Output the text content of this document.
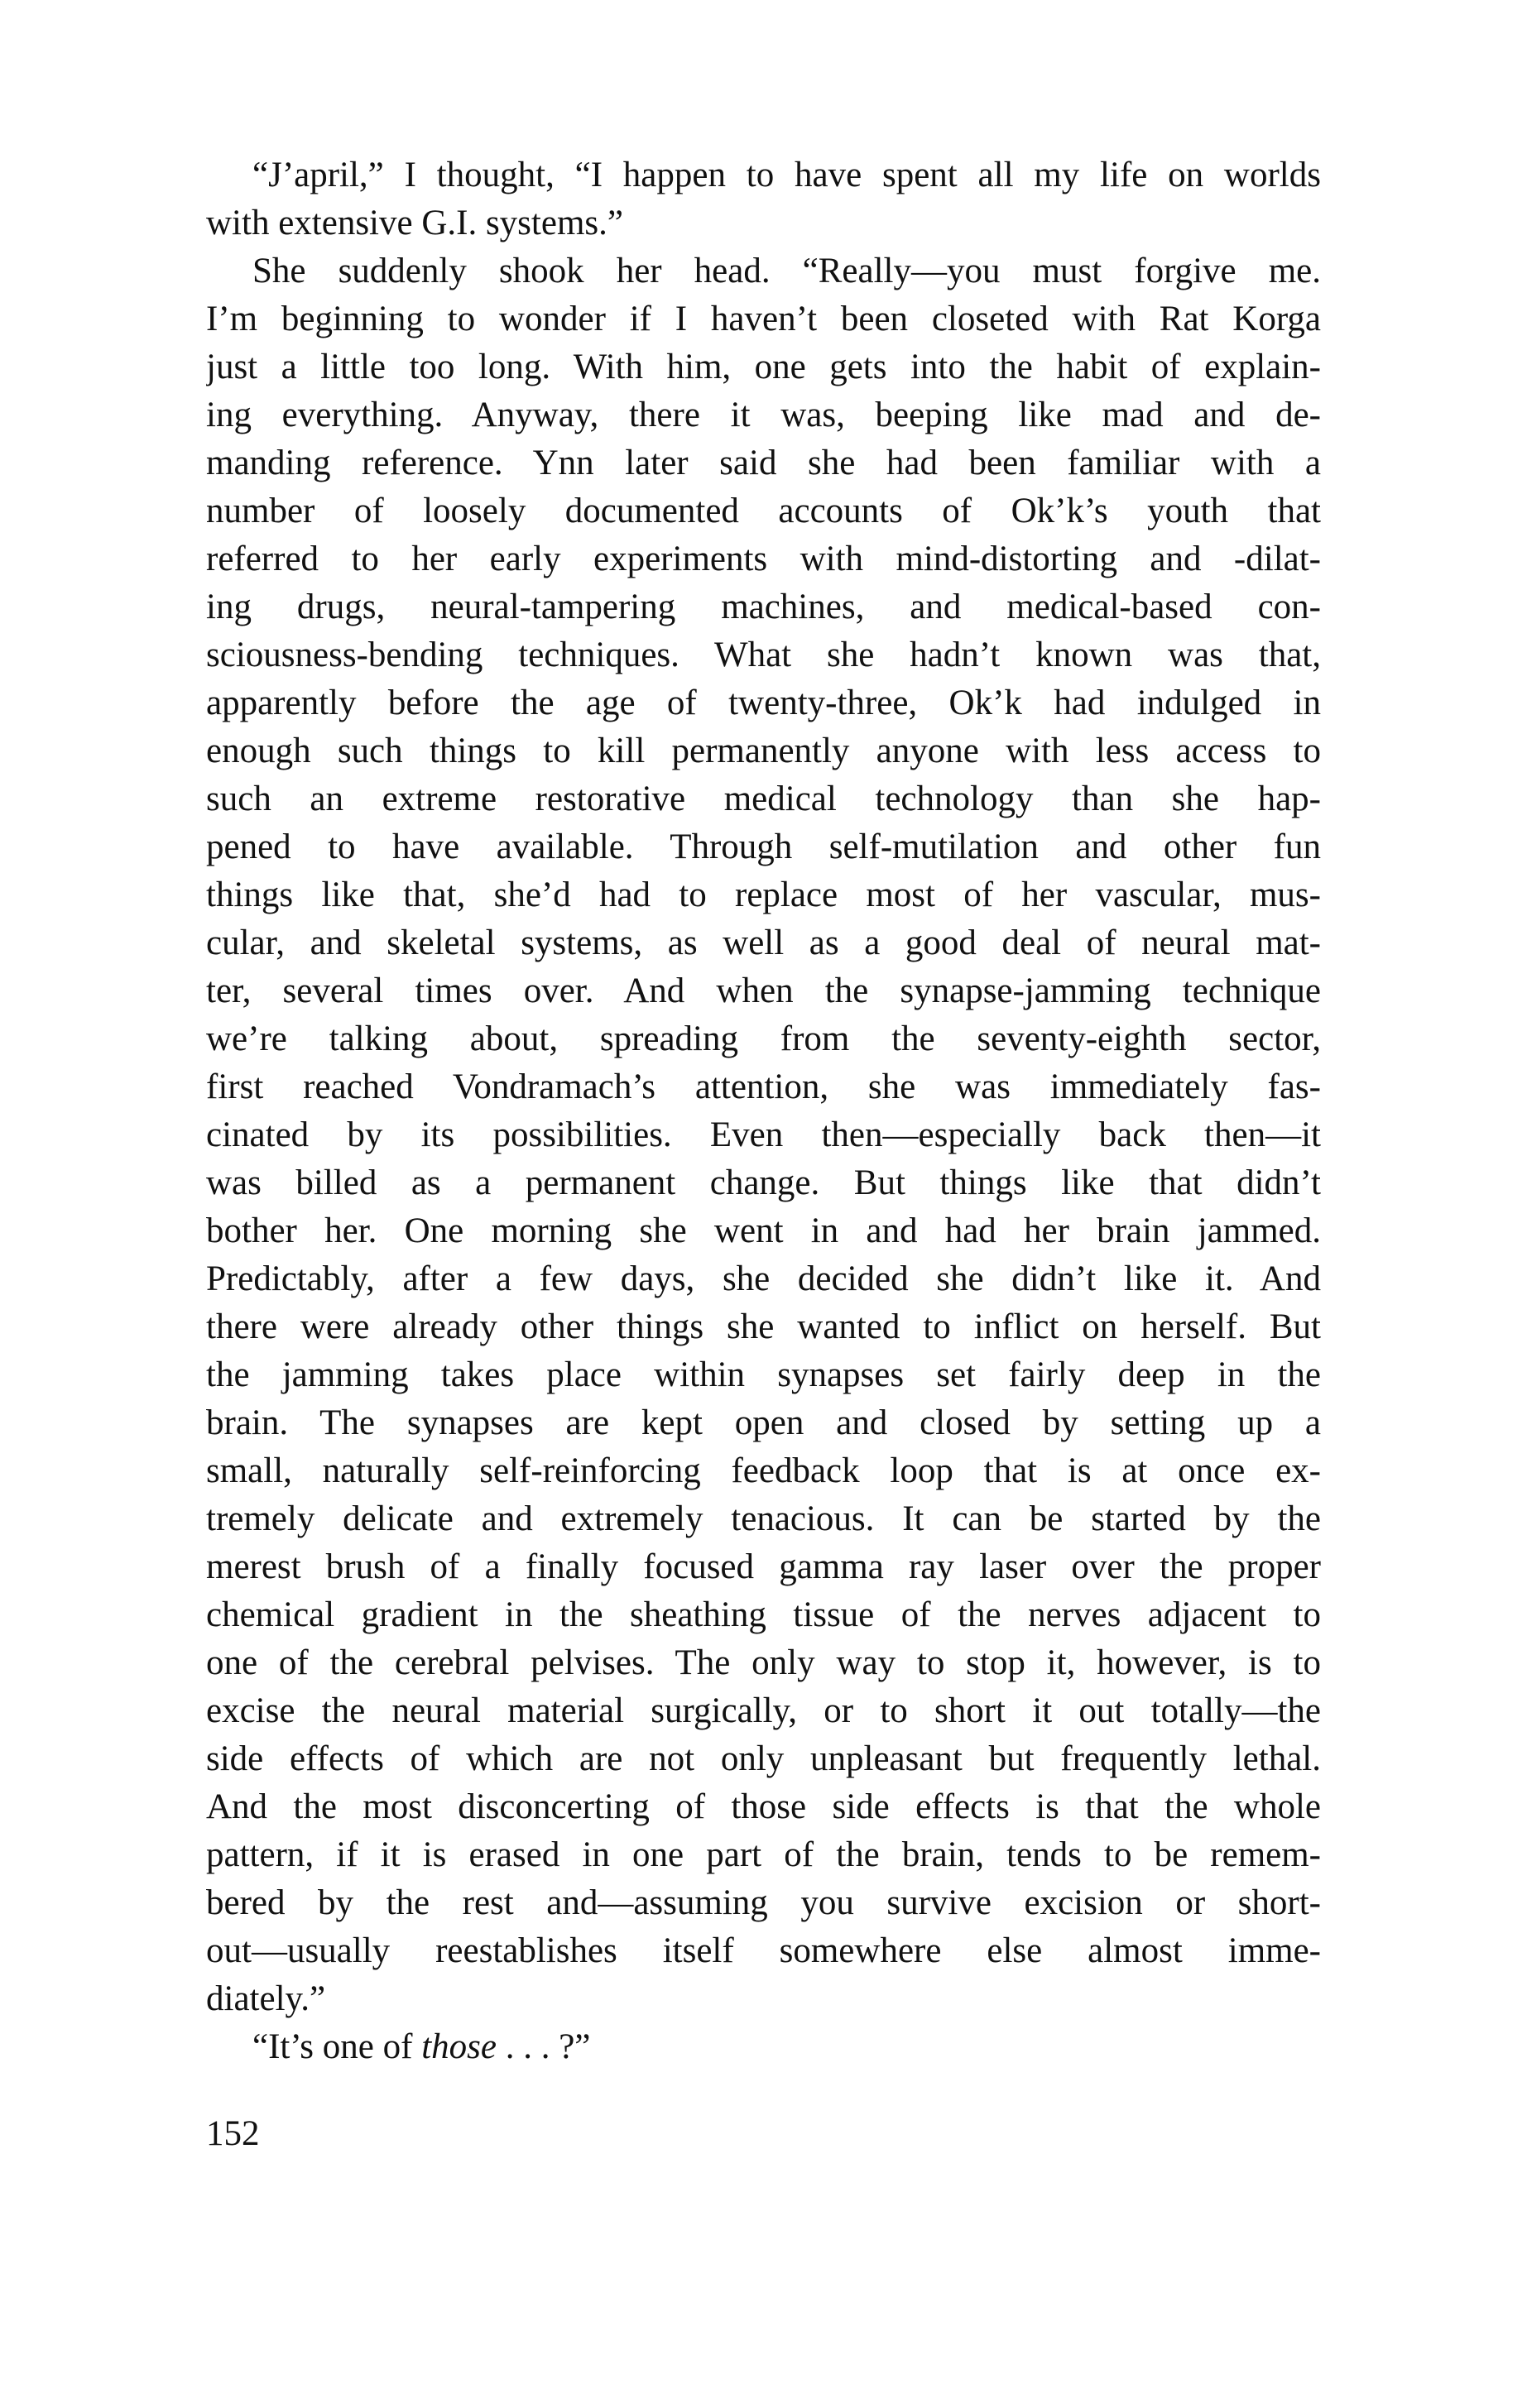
“J’april,” I thought, “I happen to have spent all my life on worlds
with extensive G.I. systems.”
She suddenly shook her head. “Really—you must forgive me.
I’m beginning to wonder if I haven’t been closeted with Rat Korga
just a little too long. With him, one gets into the habit of explain-
ing everything. Anyway, there it was, beeping like mad and de-
manding reference. Ynn later said she had been familiar with a
number of loosely documented accounts of Ok’k’s youth that
referred to her early experiments with mind-distorting and -dilat-
ing drugs, neural-tampering machines, and medical-based con-
sciousness-bending techniques. What she hadn’t known was that,
apparently before the age of twenty-three, Ok’k had indulged in
enough such things to kill permanently anyone with less access to
such an extreme restorative medical technology than she hap-
pened to have available. Through self-mutilation and other fun
things like that, she’d had to replace most of her vascular, mus-
cular, and skeletal systems, as well as a good deal of neural mat-
ter, several times over. And when the synapse-jamming technique
we’re talking about, spreading from the seventy-eighth sector,
first reached Vondramach’s attention, she was immediately fas-
cinated by its possibilities. Even then—especially back then—it
was billed as a permanent change. But things like that didn’t
bother her. One morning she went in and had her brain jammed.
Predictably, after a few days, she decided she didn’t like it. And
there were already other things she wanted to inflict on herself. But
the jamming takes place within synapses set fairly deep in the
brain. The synapses are kept open and closed by setting up a
small, naturally self-reinforcing feedback loop that is at once ex-
tremely delicate and extremely tenacious. It can be started by the
merest brush of a finally focused gamma ray laser over the proper
chemical gradient in the sheathing tissue of the nerves adjacent to
one of the cerebral pelvises. The only way to stop it, however, is to
excise the neural material surgically, or to short it out totally—the
side effects of which are not only unpleasant but frequently lethal.
And the most disconcerting of those side effects is that the whole
pattern, if it is erased in one part of the brain, tends to be remem-
bered by the rest and—assuming you survive excision or short-
out—usually reestablishes itself somewhere else almost imme-
diately.”
“It’s one of those . . . ?”
152
